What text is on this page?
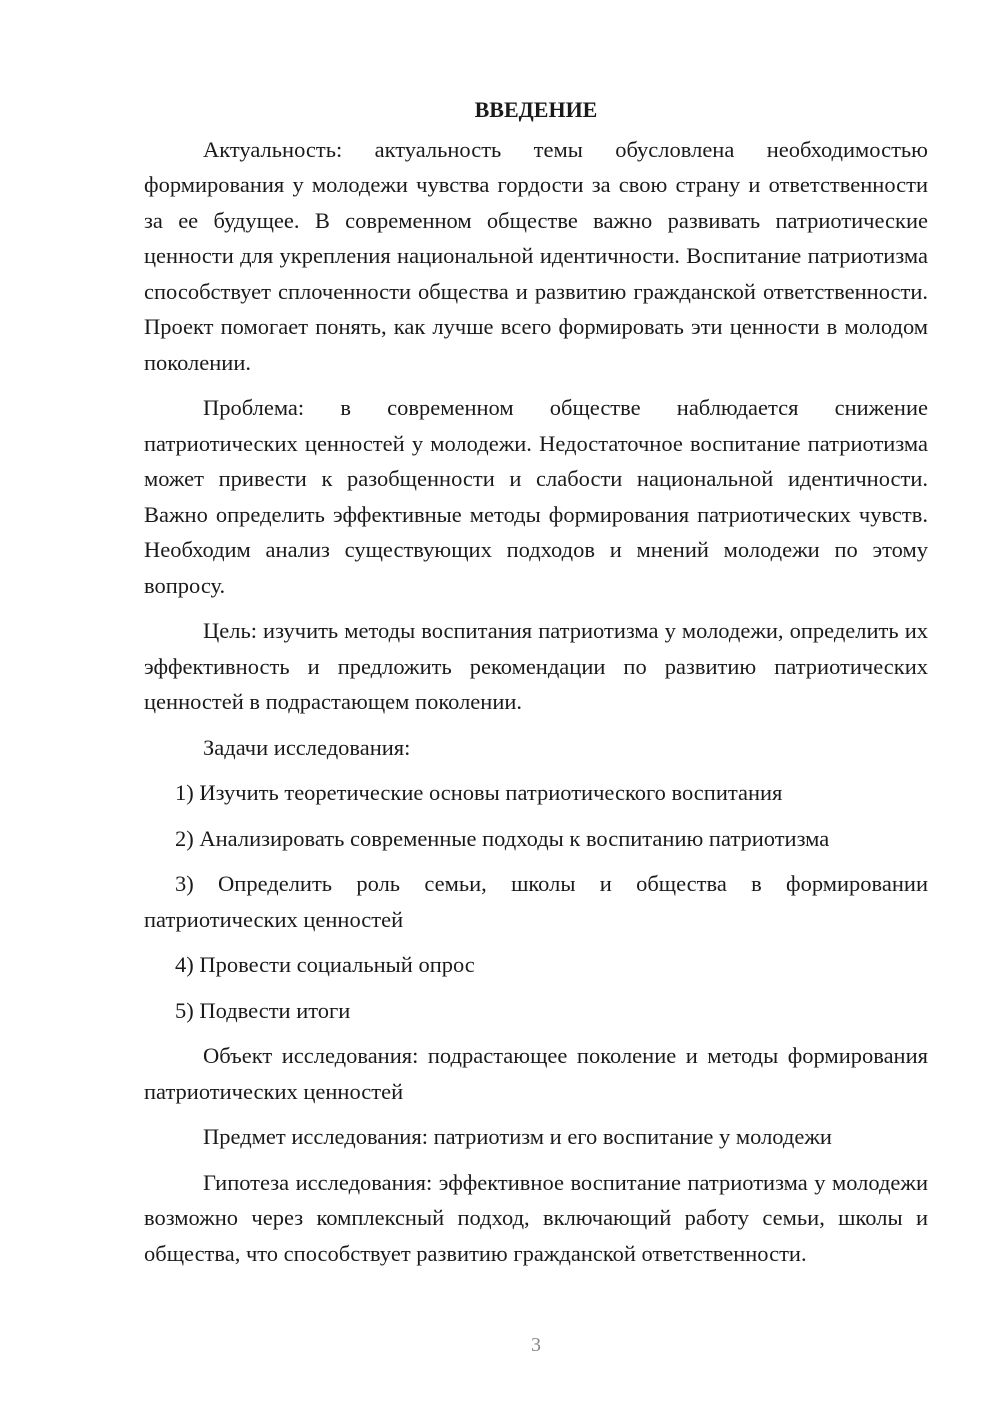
ВВЕДЕНИЕ

Актуальность: актуальность темы обусловлена необходимостью формирования у молодежи чувства гордости за свою страну и ответственности за ее будущее. В современном обществе важно развивать патриотические ценности для укрепления национальной идентичности. Воспитание патриотизма способствует сплоченности общества и развитию гражданской ответственности. Проект помогает понять, как лучше всего формировать эти ценности в молодом поколении.

Проблема: в современном обществе наблюдается снижение патриотических ценностей у молодежи. Недостаточное воспитание патриотизма может привести к разобщенности и слабости национальной идентичности. Важно определить эффективные методы формирования патриотических чувств. Необходим анализ существующих подходов и мнений молодежи по этому вопросу.

Цель: изучить методы воспитания патриотизма у молодежи, определить их эффективность и предложить рекомендации по развитию патриотических ценностей в подрастающем поколении.

Задачи исследования:

1) Изучить теоретические основы патриотического воспитания

2) Анализировать современные подходы к воспитанию патриотизма

3) Определить роль семьи, школы и общества в формировании патриотических ценностей

4) Провести социальный опрос

5) Подвести итоги

Объект исследования: подрастающее поколение и методы формирования патриотических ценностей

Предмет исследования: патриотизм и его воспитание у молодежи

Гипотеза исследования: эффективное воспитание патриотизма у молодежи возможно через комплексный подход, включающий работу семьи, школы и общества, что способствует развитию гражданской ответственности.

3
